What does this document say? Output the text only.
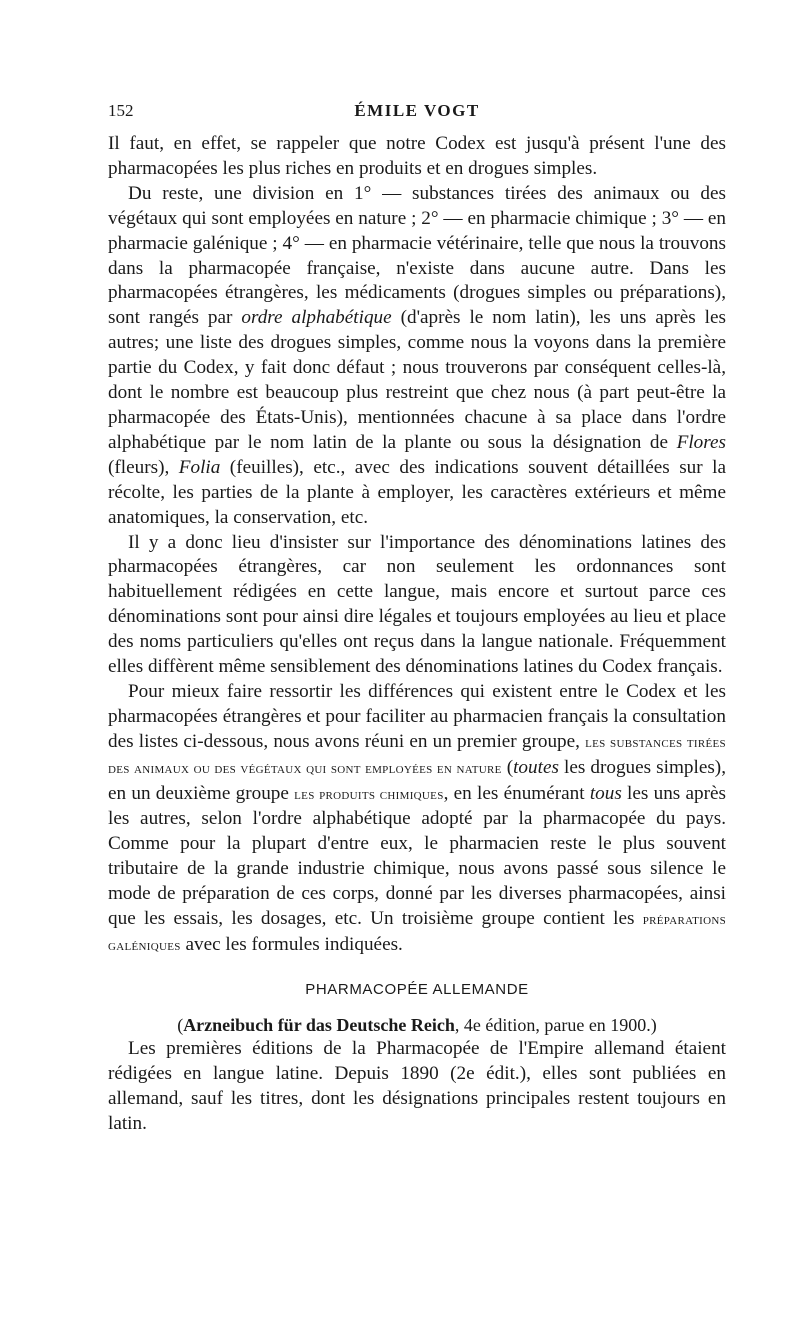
152	ÉMILE VOGT

Il faut, en effet, se rappeler que notre Codex est jusqu'à présent l'une des pharmacopées les plus riches en produits et en drogues simples.

Du reste, une division en 1° — substances tirées des animaux ou des végétaux qui sont employées en nature ; 2° — en pharmacie chimique ; 3° — en pharmacie galénique ; 4° — en pharmacie vétérinaire, telle que nous la trouvons dans la pharmacopée française, n'existe dans aucune autre. Dans les pharmacopées étrangères, les médicaments (drogues simples ou préparations), sont rangés par ordre alphabétique (d'après le nom latin), les uns après les autres; une liste des drogues simples, comme nous la voyons dans la première partie du Codex, y fait donc défaut ; nous trouverons par conséquent celles-là, dont le nombre est beaucoup plus restreint que chez nous (à part peut-être la pharmacopée des États-Unis), mentionnées chacune à sa place dans l'ordre alphabétique par le nom latin de la plante ou sous la désignation de Flores (fleurs), Folia (feuilles), etc., avec des indications souvent détaillées sur la récolte, les parties de la plante à employer, les caractères extérieurs et même anatomiques, la conservation, etc.

Il y a donc lieu d'insister sur l'importance des dénominations latines des pharmacopées étrangères, car non seulement les ordonnances sont habituellement rédigées en cette langue, mais encore et surtout parce ces dénominations sont pour ainsi dire légales et toujours employées au lieu et place des noms particuliers qu'elles ont reçus dans la langue nationale. Fréquemment elles diffèrent même sensiblement des dénominations latines du Codex français.

Pour mieux faire ressortir les différences qui existent entre le Codex et les pharmacopées étrangères et pour faciliter au pharmacien français la consultation des listes ci-dessous, nous avons réuni en un premier groupe, les substances tirées des animaux ou des végétaux qui sont employées en nature (toutes les drogues simples), en un deuxième groupe les produits chimiques, en les énumérant tous les uns après les autres, selon l'ordre alphabétique adopté par la pharmacopée du pays. Comme pour la plupart d'entre eux, le pharmacien reste le plus souvent tributaire de la grande industrie chimique, nous avons passé sous silence le mode de préparation de ces corps, donné par les diverses pharmacopées, ainsi que les essais, les dosages, etc. Un troisième groupe contient les préparations galéniques avec les formules indiquées.

PHARMACOPÉE ALLEMANDE
(Arzneibuch für das Deutsche Reich, 4e édition, parue en 1900.)

Les premières éditions de la Pharmacopée de l'Empire allemand étaient rédigées en langue latine. Depuis 1890 (2e édit.), elles sont publiées en allemand, sauf les titres, dont les désignations principales restent toujours en latin.
